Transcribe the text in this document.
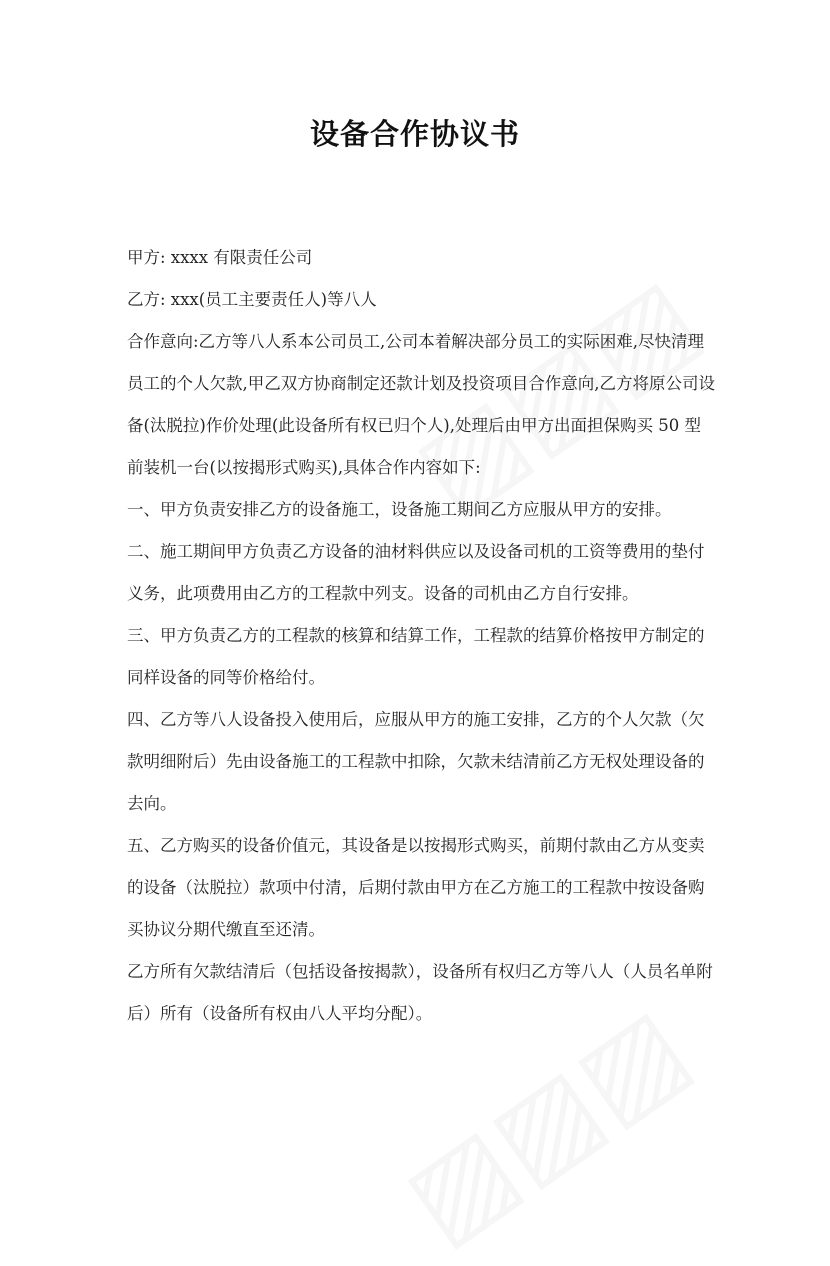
设备合作协议书

甲方: xxxx 有限责任公司

乙方: xxx(员工主要责任人)等八人

合作意向:乙方等八人系本公司员工,公司本着解决部分员工的实际困难,尽快清理员工的个人欠款,甲乙双方协商制定还款计划及投资项目合作意向,乙方将原公司设备(汰脱拉)作价处理(此设备所有权已归个人),处理后由甲方出面担保购买 50 型前装机一台(以按揭形式购买),具体合作内容如下:

一、甲方负责安排乙方的设备施工，设备施工期间乙方应服从甲方的安排。

二、施工期间甲方负责乙方设备的油材料供应以及设备司机的工资等费用的垫付义务，此项费用由乙方的工程款中列支。设备的司机由乙方自行安排。

三、甲方负责乙方的工程款的核算和结算工作，工程款的结算价格按甲方制定的同样设备的同等价格给付。

四、乙方等八人设备投入使用后，应服从甲方的施工安排，乙方的个人欠款（欠款明细附后）先由设备施工的工程款中扣除，欠款未结清前乙方无权处理设备的去向。

五、乙方购买的设备价值元，其设备是以按揭形式购买，前期付款由乙方从变卖的设备（汰脱拉）款项中付清，后期付款由甲方在乙方施工的工程款中按设备购买协议分期代缴直至还清。

乙方所有欠款结清后（包括设备按揭款），设备所有权归乙方等八人（人员名单附后）所有（设备所有权由八人平均分配）。
